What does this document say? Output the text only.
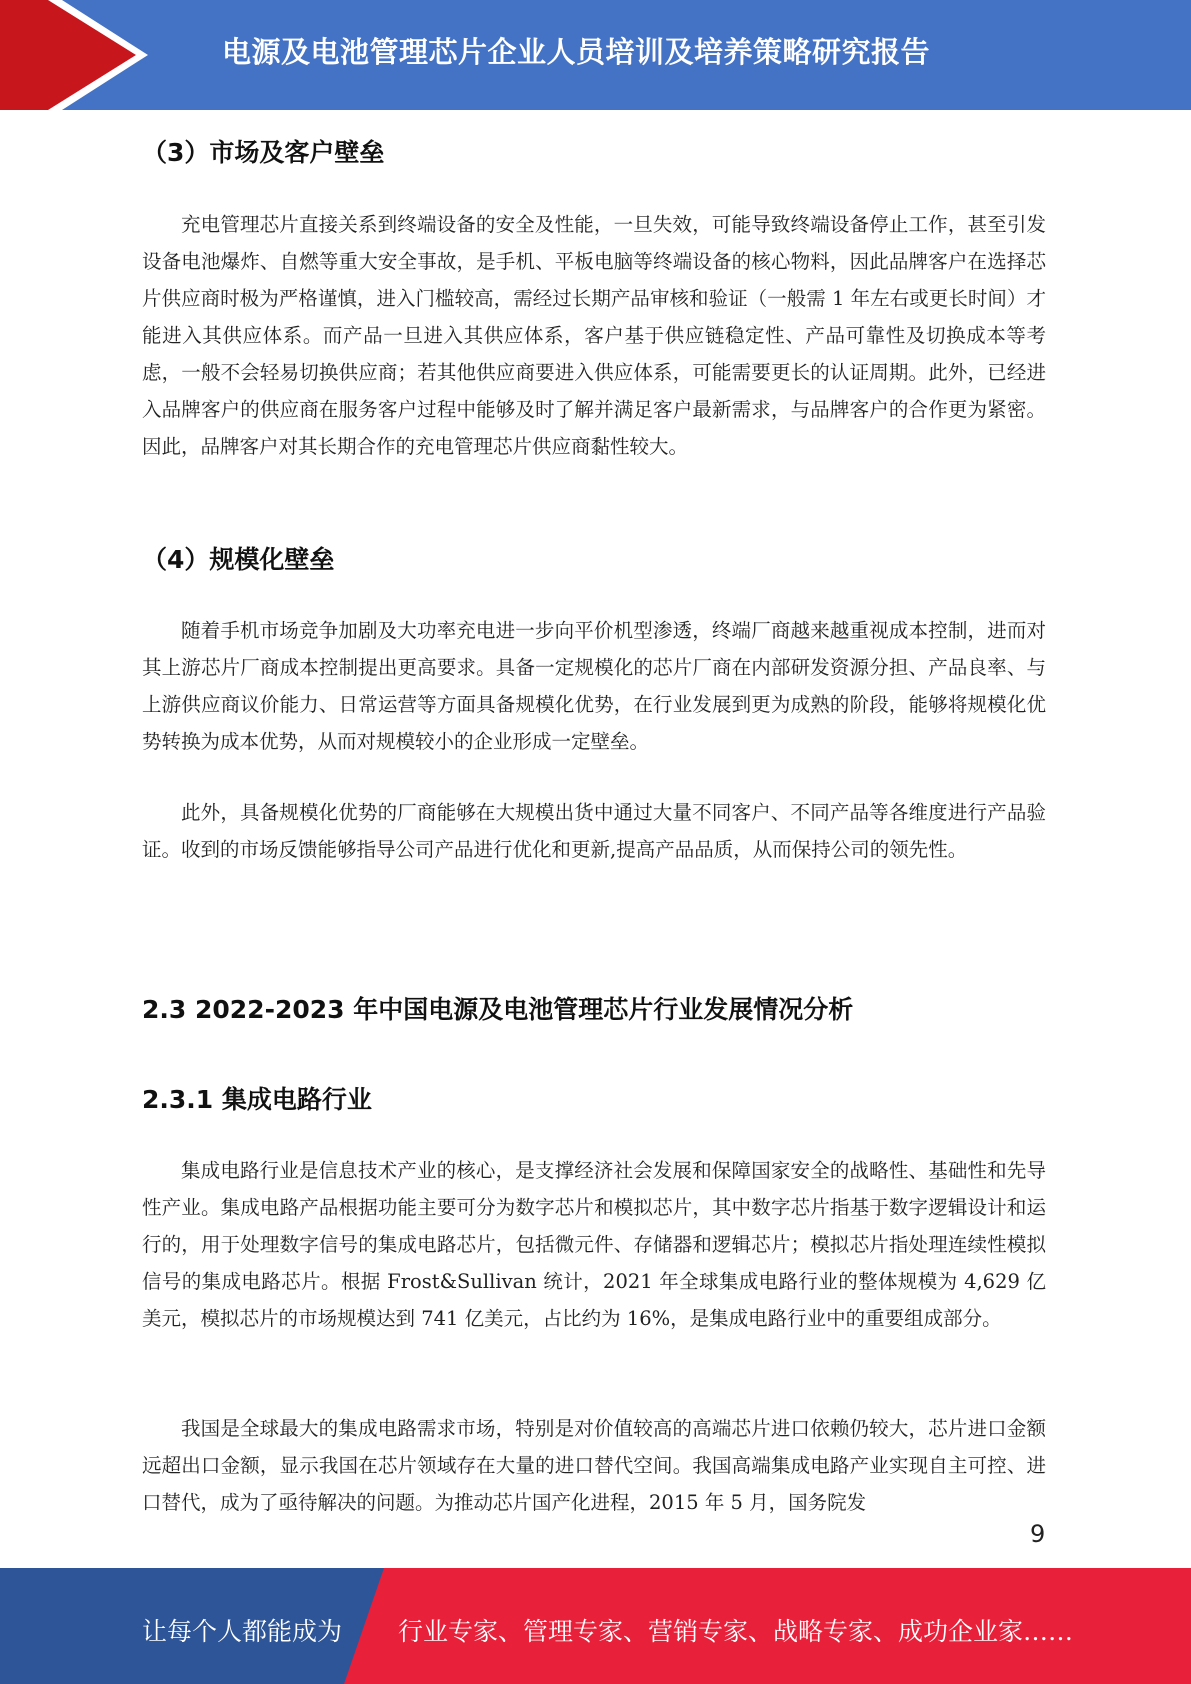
电源及电池管理芯片企业人员培训及培养策略研究报告
（3）市场及客户壁垒

充电管理芯片直接关系到终端设备的安全及性能，一旦失效，可能导致终端设备停止工作，甚至引发设备电池爆炸、自燃等重大安全事故，是手机、平板电脑等终端设备的核心物料，因此品牌客户在选择芯片供应商时极为严格谨慎，进入门槛较高，需经过长期产品审核和验证（一般需 1 年左右或更长时间）才能进入其供应体系。而产品一旦进入其供应体系，客户基于供应链稳定性、产品可靠性及切换成本等考虑，一般不会轻易切换供应商；若其他供应商要进入供应体系，可能需要更长的认证周期。此外，已经进入品牌客户的供应商在服务客户过程中能够及时了解并满足客户最新需求，与品牌客户的合作更为紧密。因此，品牌客户对其长期合作的充电管理芯片供应商黏性较大。

（4）规模化壁垒

随着手机市场竞争加剧及大功率充电进一步向平价机型渗透，终端厂商越来越重视成本控制，进而对其上游芯片厂商成本控制提出更高要求。具备一定规模化的芯片厂商在内部研发资源分担、产品良率、与上游供应商议价能力、日常运营等方面具备规模化优势，在行业发展到更为成熟的阶段，能够将规模化优势转换为成本优势，从而对规模较小的企业形成一定壁垒。

此外，具备规模化优势的厂商能够在大规模出货中通过大量不同客户、不同产品等各维度进行产品验证。收到的市场反馈能够指导公司产品进行优化和更新,提高产品品质，从而保持公司的领先性。

2.3 2022-2023 年中国电源及电池管理芯片行业发展情况分析
2.3.1 集成电路行业

集成电路行业是信息技术产业的核心，是支撑经济社会发展和保障国家安全的战略性、基础性和先导性产业。集成电路产品根据功能主要可分为数字芯片和模拟芯片，其中数字芯片指基于数字逻辑设计和运行的，用于处理数字信号的集成电路芯片，包括微元件、存储器和逻辑芯片；模拟芯片指处理连续性模拟信号的集成电路芯片。根据 Frost&Sullivan 统计，2021 年全球集成电路行业的整体规模为 4,629 亿美元，模拟芯片的市场规模达到 741 亿美元，占比约为 16%，是集成电路行业中的重要组成部分。

我国是全球最大的集成电路需求市场，特别是对价值较高的高端芯片进口依赖仍较大，芯片进口金额远超出口金额，显示我国在芯片领域存在大量的进口替代空间。我国高端集成电路产业实现自主可控、进口替代，成为了亟待解决的问题。为推动芯片国产化进程，2015 年 5 月，国务院发

9
让每个人都能成为 行业专家、管理专家、营销专家、战略专家、成功企业家……
